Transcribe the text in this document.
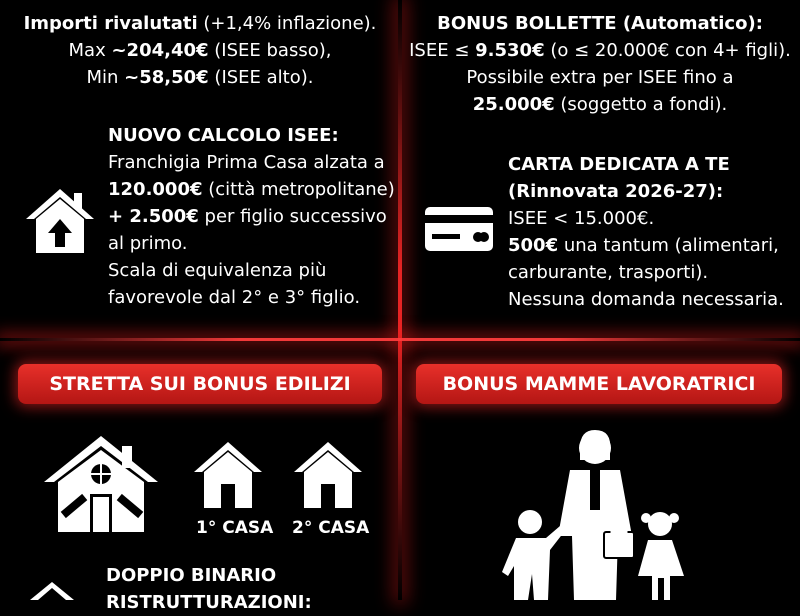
Importi rivalutati (+1,4% inflazione).
Max ~204,40€ (ISEE basso),
Min ~58,50€ (ISEE alto).
BONUS BOLLETTE (Automatico):
ISEE ≤ 9.530€ (o ≤ 20.000€ con 4+ figli).
Possibile extra per ISEE fino a
25.000€ (soggetto a fondi).
NUOVO CALCOLO ISEE:
Franchigia Prima Casa alzata a
120.000€ (città metropolitane)
+ 2.500€ per figlio successivo
al primo.
Scala di equivalenza più
favorevole dal 2° e 3° figlio.
CARTA DEDICATA A TE
(Rinnovata 2026-27):
ISEE < 15.000€.
500€ una tantum (alimentari,
carburante, trasporti).
Nessuna domanda necessaria.
STRETTA SUI BONUS EDILIZI
1° CASA 2° CASA
DOPPIO BINARIO
RISTRUTTURAZIONI:
BONUS MAMME LAVORATRICI
